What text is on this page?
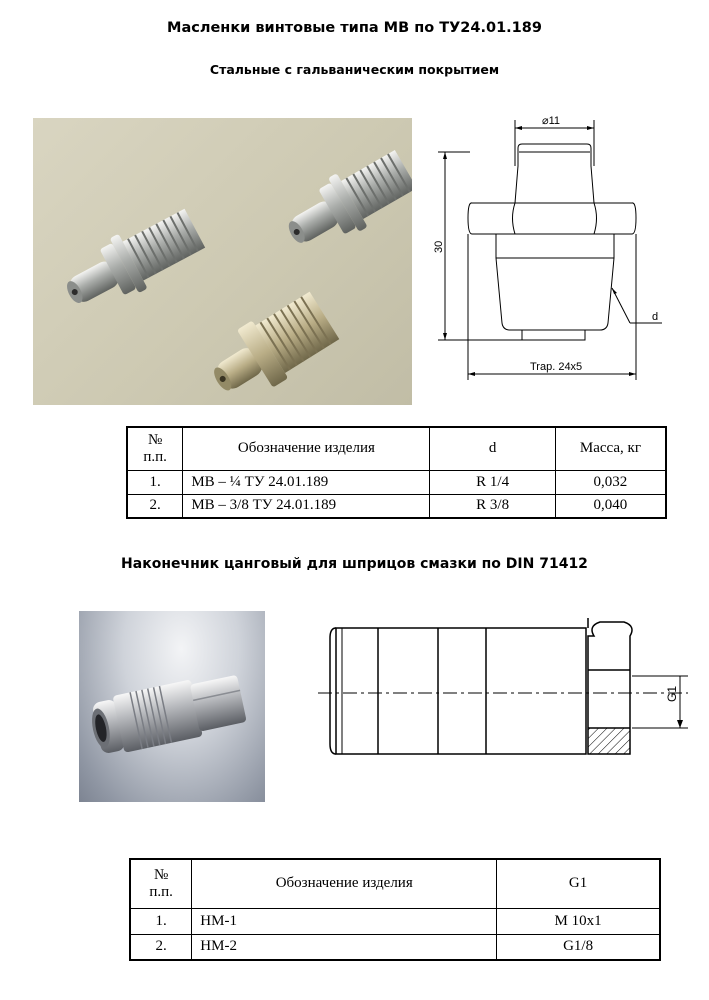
Масленки винтовые типа МВ по ТУ24.01.189
Стальные с гальваническим покрытием
⌀11
30
Trap. 24x5
d
№
п.п.	Обозначение изделия	d	Масса, кг
1.	МВ – ¼ ТУ 24.01.189	R 1/4	0,032
2.	МВ – 3/8 ТУ 24.01.189	R 3/8	0,040
Наконечник цанговый для шприцов смазки по DIN 71412
G1
№
п.п.	Обозначение изделия	G1
1.	НМ-1	M 10x1
2.	НМ-2	G1/8
